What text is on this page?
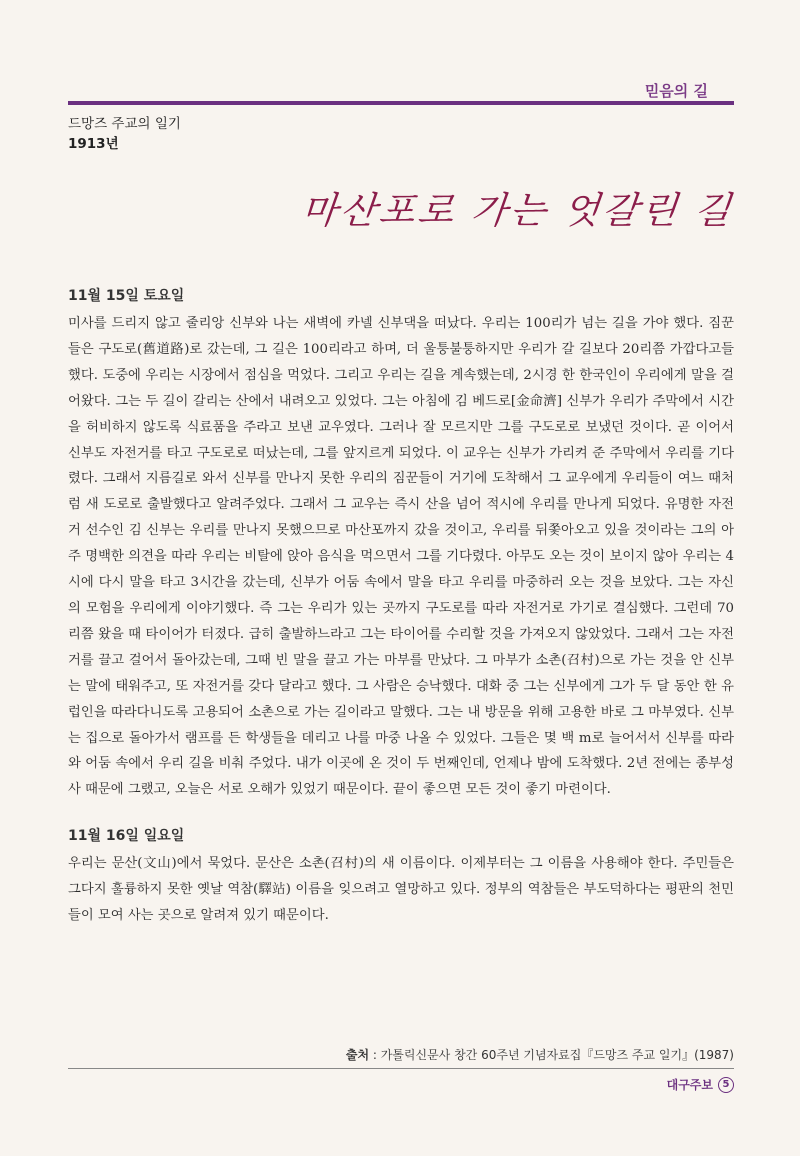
믿음의 길
드망즈 주교의 일기
1913년
마산포로 가는 엇갈린 길

11월 15일 토요일

미사를 드리지 않고 줄리앙 신부와 나는 새벽에 카넬 신부댁을 떠났다. 우리는 100리가 넘는 길을 가야 했다. 짐꾼들은 구도로(舊道路)로 갔는데, 그 길은 100리라고 하며, 더 울퉁불퉁하지만 우리가 갈 길보다 20리쯤 가깝다고들 했다. 도중에 우리는 시장에서 점심을 먹었다. 그리고 우리는 길을 계속했는데, 2시경 한 한국인이 우리에게 말을 걸어왔다. 그는 두 길이 갈리는 산에서 내려오고 있었다. 그는 아침에 김 베드로[金命濟] 신부가 우리가 주막에서 시간을 허비하지 않도록 식료품을 주라고 보낸 교우였다. 그러나 잘 모르지만 그를 구도로로 보냈던 것이다. 곧 이어서 신부도 자전거를 타고 구도로로 떠났는데, 그를 앞지르게 되었다. 이 교우는 신부가 가리켜 준 주막에서 우리를 기다렸다. 그래서 지름길로 와서 신부를 만나지 못한 우리의 짐꾼들이 거기에 도착해서 그 교우에게 우리들이 여느 때처럼 새 도로로 출발했다고 알려주었다. 그래서 그 교우는 즉시 산을 넘어 적시에 우리를 만나게 되었다. 유명한 자전거 선수인 김 신부는 우리를 만나지 못했으므로 마산포까지 갔을 것이고, 우리를 뒤쫓아오고 있을 것이라는 그의 아주 명백한 의견을 따라 우리는 비탈에 앉아 음식을 먹으면서 그를 기다렸다. 아무도 오는 것이 보이지 않아 우리는 4시에 다시 말을 타고 3시간을 갔는데, 신부가 어둠 속에서 말을 타고 우리를 마중하러 오는 것을 보았다. 그는 자신의 모험을 우리에게 이야기했다. 즉 그는 우리가 있는 곳까지 구도로를 따라 자전거로 가기로 결심했다. 그런데 70리쯤 왔을 때 타이어가 터졌다. 급히 출발하느라고 그는 타이어를 수리할 것을 가져오지 않았었다. 그래서 그는 자전거를 끌고 걸어서 돌아갔는데, 그때 빈 말을 끌고 가는 마부를 만났다. 그 마부가 소촌(召村)으로 가는 것을 안 신부는 말에 태워주고, 또 자전거를 갖다 달라고 했다. 그 사람은 승낙했다. 대화 중 그는 신부에게 그가 두 달 동안 한 유럽인을 따라다니도록 고용되어 소촌으로 가는 길이라고 말했다. 그는 내 방문을 위해 고용한 바로 그 마부였다. 신부는 집으로 돌아가서 램프를 든 학생들을 데리고 나를 마중 나올 수 있었다. 그들은 몇 백 m로 늘어서서 신부를 따라와 어둠 속에서 우리 길을 비춰 주었다. 내가 이곳에 온 것이 두 번째인데, 언제나 밤에 도착했다. 2년 전에는 종부성사 때문에 그랬고, 오늘은 서로 오해가 있었기 때문이다. 끝이 좋으면 모든 것이 좋기 마련이다.

11월 16일 일요일

우리는 문산(文山)에서 묵었다. 문산은 소촌(召村)의 새 이름이다. 이제부터는 그 이름을 사용해야 한다. 주민들은 그다지 훌륭하지 못한 옛날 역참(驛站) 이름을 잊으려고 열망하고 있다. 정부의 역참들은 부도덕하다는 평판의 천민들이 모여 사는 곳으로 알려져 있기 때문이다.

출처 : 가톨릭신문사 창간 60주년 기념자료집『드망즈 주교 일기』(1987)
대구주보 5
